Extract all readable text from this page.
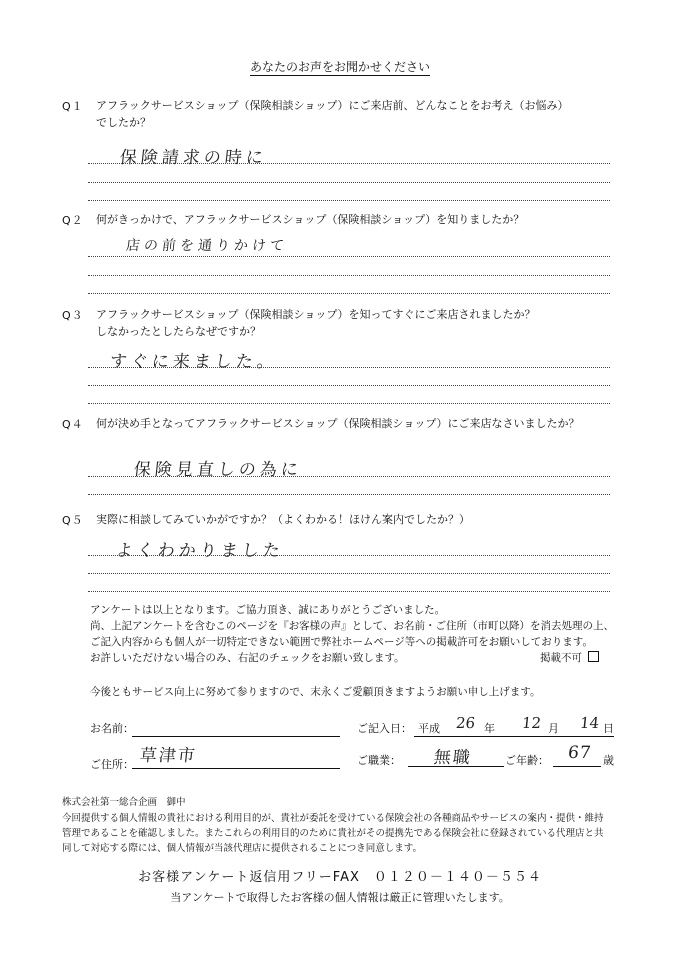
あなたのお声をお聞かせください
Q１ アフラックサービスショップ（保険相談ショップ）にご来店前、どんなことをお考え（お悩み）
でしたか？
保険請求の時に
Q２ 何がきっかけで、アフラックサービスショップ（保険相談ショップ）を知りましたか？
店の前を通りかけて
Q３ アフラックサービスショップ（保険相談ショップ）を知ってすぐにご来店されましたか？
しなかったとしたらなぜですか？
すぐに来ました。
Q４ 何が決め手となってアフラックサービスショップ（保険相談ショップ）にご来店なさいましたか？
保険見直しの為に
Q５ 実際に相談してみていかがですか？（よくわかる！ほけん案内でしたか？）
よくわかりました
アンケートは以上となります。ご協力頂き、誠にありがとうございました。
尚、上記アンケートを含むこのページを『お客様の声』として、お名前・ご住所（市町以降）を消去処理の上、
ご記入内容からも個人が一切特定できない範囲で弊社ホームページ等への掲載許可をお願いしております。
お許しいただけない場合のみ、右記のチェックをお願い致します。	掲載不可
今後ともサービス向上に努めて参りますので、末永くご愛顧頂きますようお願い申し上げます。
お名前：	ご記入日： 平成 26 年 12 月 14 日
ご住所： 草津市	ご職業： 無職	ご年齢： 67 歳
株式会社第一総合企画　御中
今回提供する個人情報の貴社における利用目的が、貴社が委託を受けている保険会社の各種商品やサービスの案内・提供・維持
管理であることを確認しました。またこれらの利用目的のために貴社がその提携先である保険会社に登録されている代理店と共
同して対応する際には、個人情報が当該代理店に提供されることにつき同意します。
お客様アンケート返信用フリーFAX　０１２０－１４０－５５４
当アンケートで取得したお客様の個人情報は厳正に管理いたします。
